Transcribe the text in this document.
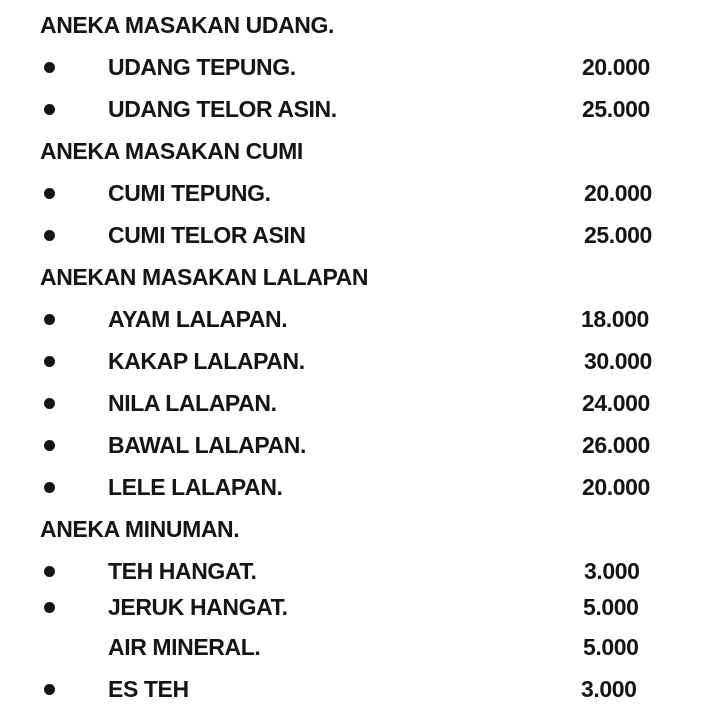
ANEKA MASAKAN UDANG.
UDANG TEPUNG.	20.000
UDANG TELOR ASIN.	25.000
ANEKA MASAKAN CUMI
CUMI TEPUNG.	20.000
CUMI TELOR ASIN	25.000
ANEKAN MASAKAN LALAPAN
AYAM LALAPAN.	18.000
KAKAP LALAPAN.	30.000
NILA LALAPAN.	24.000
BAWAL LALAPAN.	26.000
LELE LALAPAN.	20.000
ANEKA MINUMAN.
TEH HANGAT.	3.000
JERUK HANGAT.	5.000
AIR MINERAL.	5.000
ES TEH	3.000
